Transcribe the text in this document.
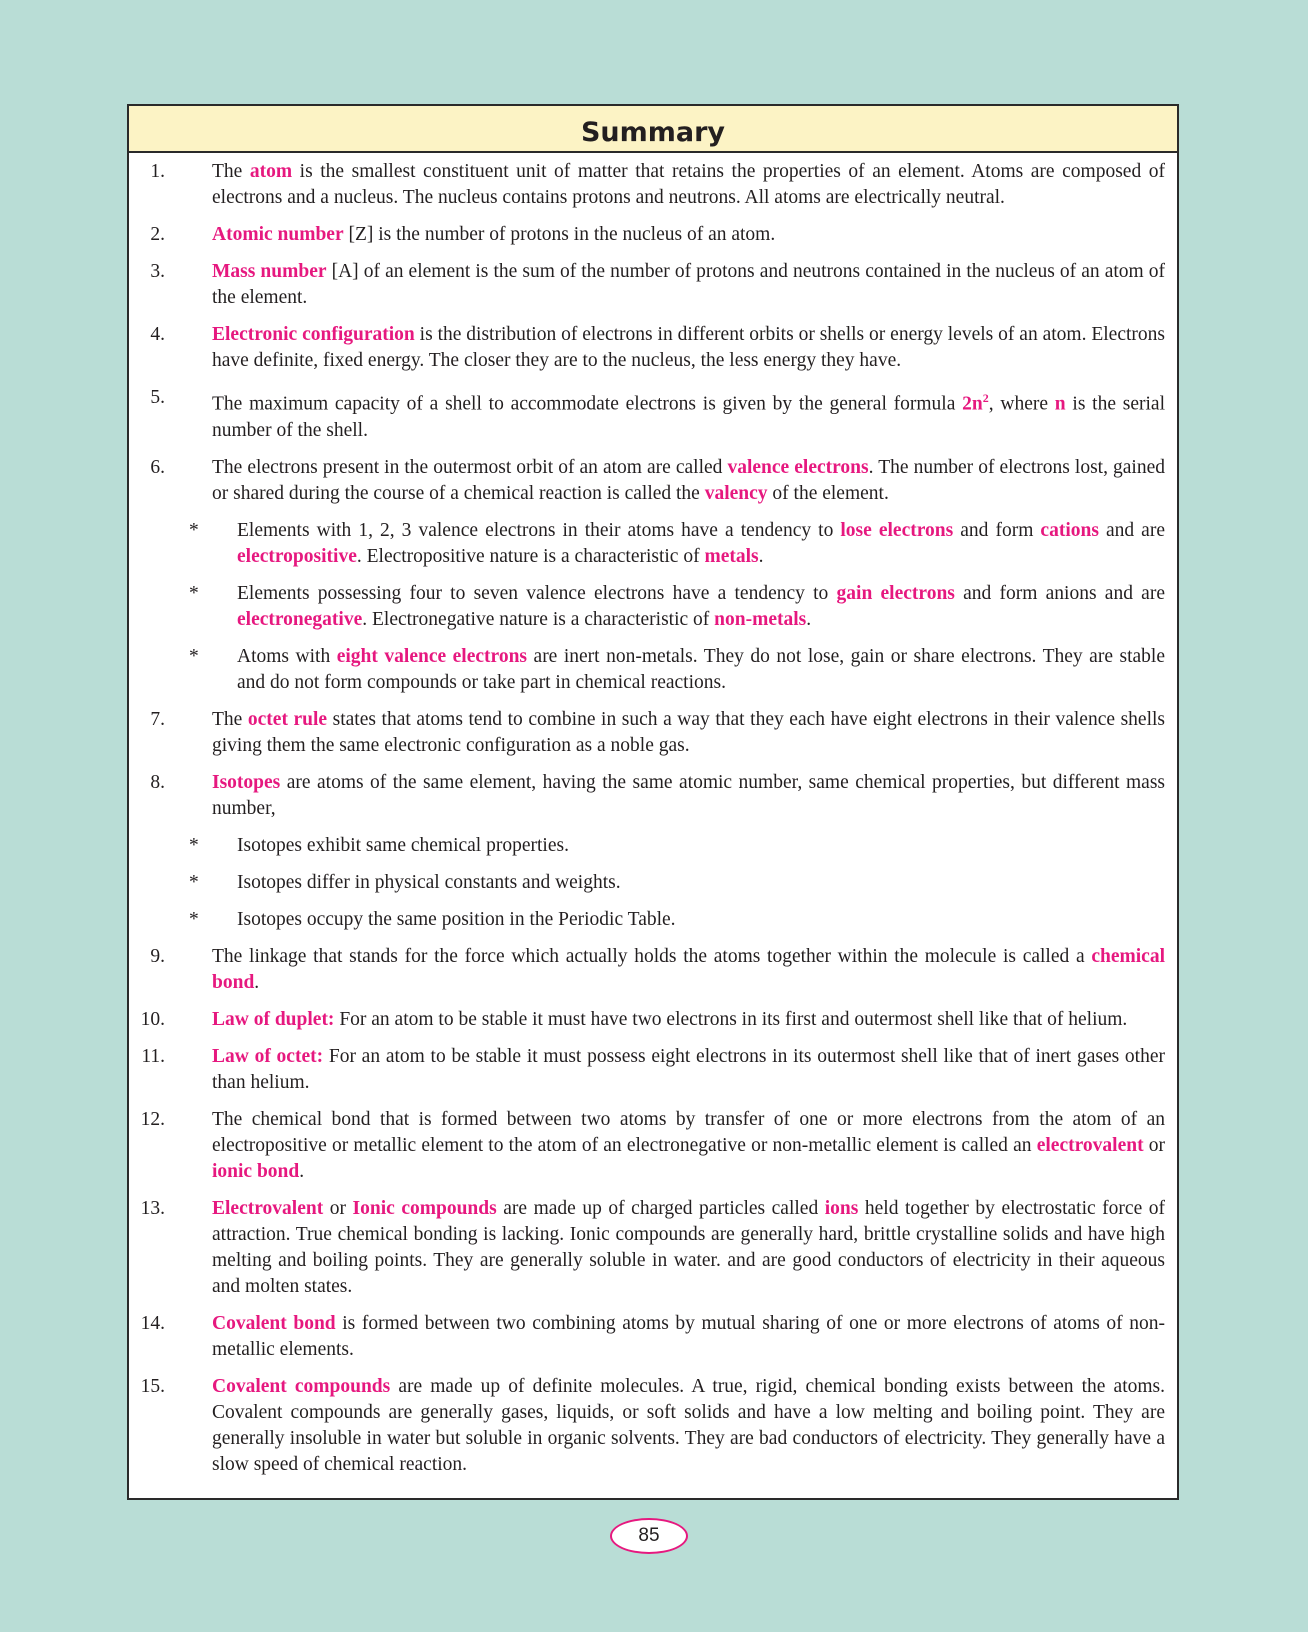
Summary
1. The atom is the smallest constituent unit of matter that retains the properties of an element. Atoms are composed of electrons and a nucleus. The nucleus contains protons and neutrons. All atoms are electrically neutral.
2. Atomic number [Z] is the number of protons in the nucleus of an atom.
3. Mass number [A] of an element is the sum of the number of protons and neutrons contained in the nucleus of an atom of the element.
4. Electronic configuration is the distribution of electrons in different orbits or shells or energy levels of an atom. Electrons have definite, fixed energy. The closer they are to the nucleus, the less energy they have.
5. The maximum capacity of a shell to accommodate electrons is given by the general formula $2n^2$, where n is the serial number of the shell.
6. The electrons present in the outermost orbit of an atom are called valence electrons. The number of electrons lost, gained or shared during the course of a chemical reaction is called the valency of the element.
*	Elements with 1, 2, 3 valence electrons in their atoms have a tendency to lose electrons and form cations and are electropositive. Electropositive nature is a characteristic of metals.
*	Elements possessing four to seven valence electrons have a tendency to gain electrons and form anions and are electronegative. Electronegative nature is a characteristic of non-metals.
*	Atoms with eight valence electrons are inert non-metals. They do not lose, gain or share electrons. They are stable and do not form compounds or take part in chemical reactions.
7. The octet rule states that atoms tend to combine in such a way that they each have eight electrons in their valence shells giving them the same electronic configuration as a noble gas.
8. Isotopes are atoms of the same element, having the same atomic number, same chemical properties, but different mass number,
*	Isotopes exhibit same chemical properties.
*	Isotopes differ in physical constants and weights.
*	Isotopes occupy the same position in the Periodic Table.
9. The linkage that stands for the force which actually holds the atoms together within the molecule is called a chemical bond.
10. Law of duplet: For an atom to be stable it must have two electrons in its first and outermost shell like that of helium.
11. Law of octet: For an atom to be stable it must possess eight electrons in its outermost shell like that of inert gases other than helium.
12. The chemical bond that is formed between two atoms by transfer of one or more electrons from the atom of an electropositive or metallic element to the atom of an electronegative or non-metallic element is called an electrovalent or ionic bond.
13. Electrovalent or Ionic compounds are made up of charged particles called ions held together by electrostatic force of attraction. True chemical bonding is lacking. Ionic compounds are generally hard, brittle crystalline solids and have high melting and boiling points. They are generally soluble in water. and are good conductors of electricity in their aqueous and molten states.
14. Covalent bond is formed between two combining atoms by mutual sharing of one or more electrons of atoms of non-metallic elements.
15. Covalent compounds are made up of definite molecules. A true, rigid, chemical bonding exists between the atoms. Covalent compounds are generally gases, liquids, or soft solids and have a low melting and boiling point. They are generally insoluble in water but soluble in organic solvents. They are bad conductors of electricity. They generally have a slow speed of chemical reaction.
85
